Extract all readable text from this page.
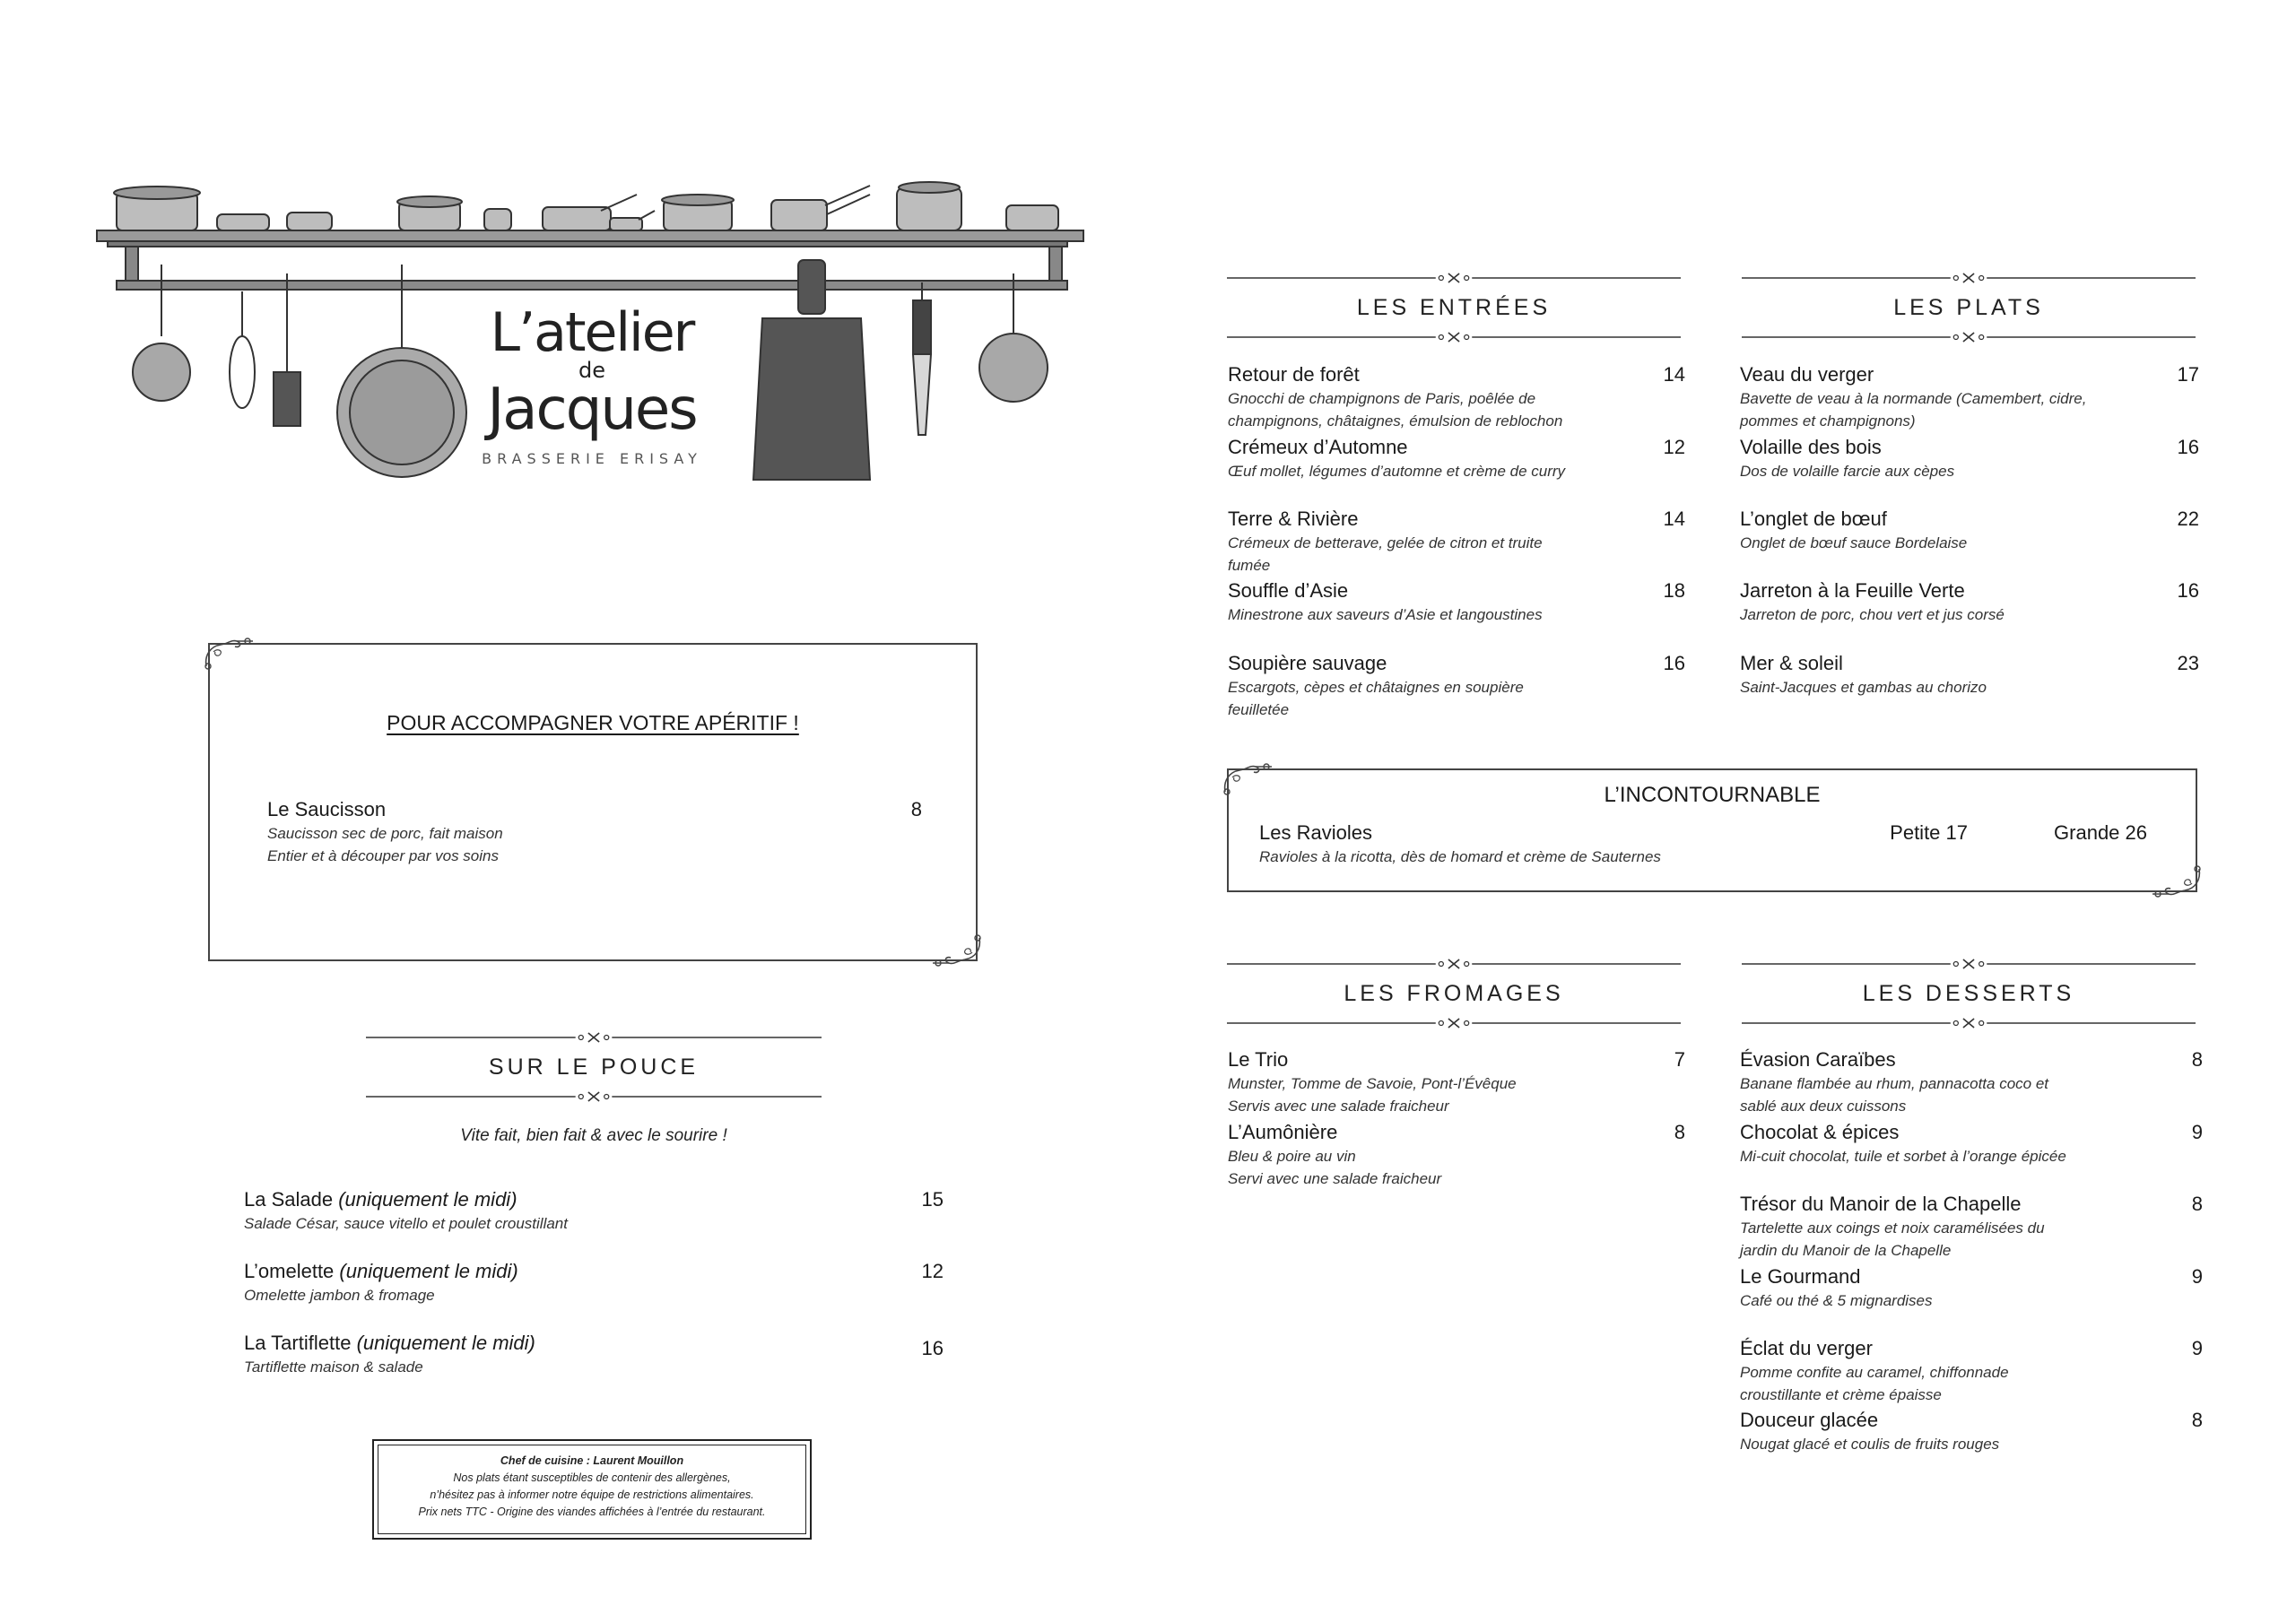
L’atelier
de
Jacques
BRASSERIE ERISAY
POUR ACCOMPAGNER VOTRE APÉRITIF !
Le Saucisson
Saucisson sec de porc, fait maison
Entier et à découper par vos soins
8
SUR LE POUCE
Vite fait, bien fait & avec le sourire !
La Salade (uniquement le midi)
Salade César, sauce vitello et poulet croustillant
15
L’omelette (uniquement le midi)
Omelette jambon & fromage
12
La Tartiflette (uniquement le midi)
Tartiflette maison & salade
16
Chef de cuisine : Laurent Mouillon
Nos plats étant susceptibles de contenir des allergènes,
n’hésitez pas à informer notre équipe de restrictions alimentaires.
Prix nets TTC - Origine des viandes affichées à l’entrée du restaurant.
LES ENTRÉES
Retour de forêt
Gnocchi de champignons de Paris, poêlée de
champignons, châtaignes, émulsion de reblochon
14
Crémeux d’Automne
Œuf mollet, légumes d’automne et crème de curry
12
Terre & Rivière
Crémeux de betterave, gelée de citron et truite
fumée
14
Souffle d’Asie
Minestrone aux saveurs d’Asie et langoustines
18
Soupière sauvage
Escargots, cèpes et châtaignes en soupière
feuilletée
16
LES PLATS
Veau du verger
Bavette de veau à la normande (Camembert, cidre,
pommes et champignons)
17
Volaille des bois
Dos de volaille farcie aux cèpes
16
L’onglet de bœuf
Onglet de bœuf sauce Bordelaise
22
Jarreton à la Feuille Verte
Jarreton de porc, chou vert et jus corsé
16
Mer & soleil
Saint-Jacques et gambas au chorizo
23
L’INCONTOURNABLE
Les Ravioles
Ravioles à la ricotta, dès de homard et crème de Sauternes
Petite 17	Grande 26
LES FROMAGES
Le Trio
Munster, Tomme de Savoie, Pont-l’Évêque
Servis avec une salade fraicheur
7
L’Aumônière
Bleu & poire au vin
Servi avec une salade fraicheur
8
LES DESSERTS
Évasion Caraïbes
Banane flambée au rhum, pannacotta coco et
sablé aux deux cuissons
8
Chocolat & épices
Mi-cuit chocolat, tuile et sorbet à l’orange épicée
9
Trésor du Manoir de la Chapelle
Tartelette aux coings et noix caramélisées du
jardin du Manoir de la Chapelle
8
Le Gourmand
Café ou thé & 5 mignardises
9
Éclat du verger
Pomme confite au caramel, chiffonnade
croustillante et crème épaisse
9
Douceur glacée
Nougat glacé et coulis de fruits rouges
8
